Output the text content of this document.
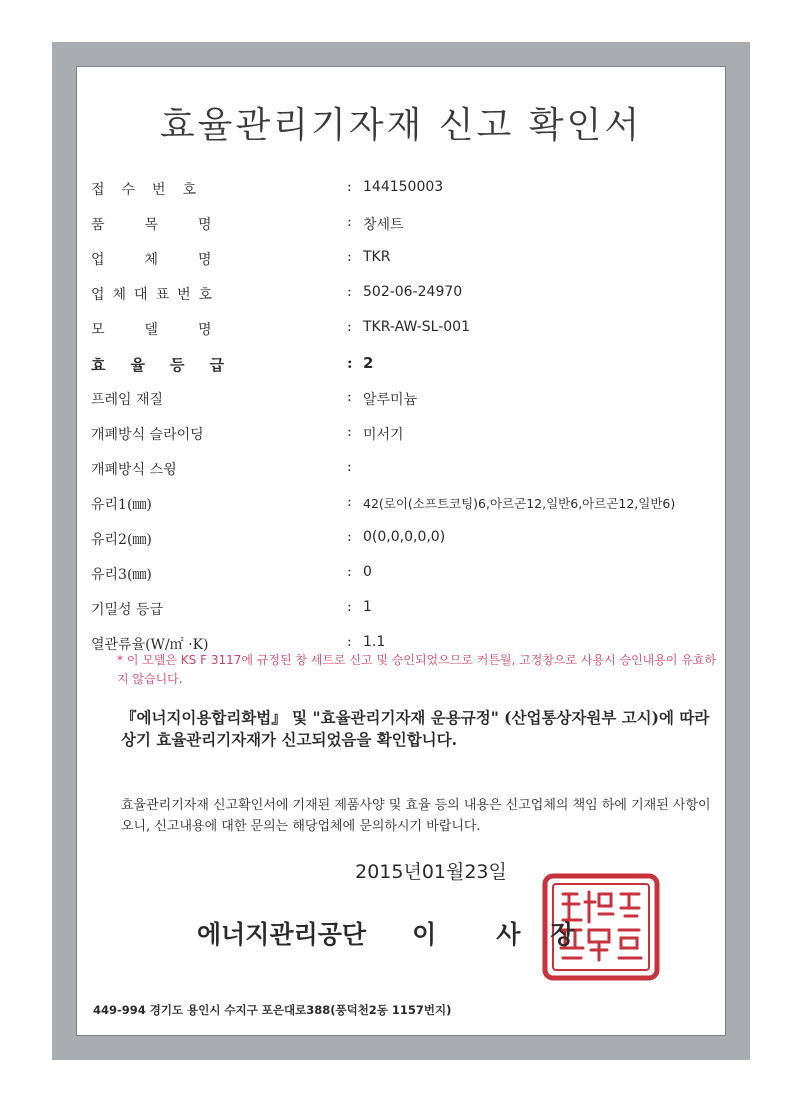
효율관리기자재 신고 확인서
접수번호	: 144150003
품목명	: 창세트
업체명	: TKR
업체대표번호	: 502-06-24970
모델명	: TKR-AW-SL-001
효율등급	: 2
프레임 재질	: 알루미늄
개폐방식 슬라이딩	: 미서기
개폐방식 스윙	:
유리1(㎜)	: 42(로이(소프트코팅)6,아르곤12,일반6,아르곤12,일반6)
유리2(㎜)	: 0(0,0,0,0,0)
유리3(㎜)	: 0
기밀성 등급	: 1
열관류율(W/㎡ ·K)	: 1.1
* 이 모델은 KS F 3117에 규정된 창 세트로 신고 및 승인되었으므로 커튼월, 고정창으로 사용시 승인내용이 유효하지 않습니다.
『에너지이용합리화법』 및 "효율관리기자재 운용규정" (산업통상자원부 고시)에 따라 상기 효율관리기자재가 신고되었음을 확인합니다.
효율관리기자재 신고확인서에 기재된 제품사양 및 효율 등의 내용은 신고업체의 책임 하에 기재된 사항이오니, 신고내용에 대한 문의는 해당업체에 문의하시기 바랍니다.
2015년01월23일
에너지관리공단 이 사 장
449-994 경기도 용인시 수지구 포은대로388(풍덕천2동 1157번지)
